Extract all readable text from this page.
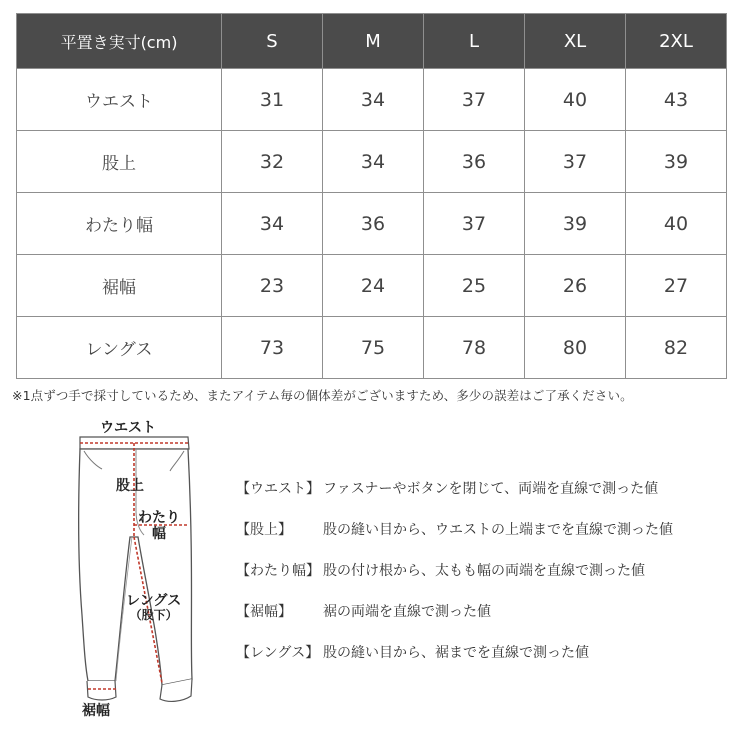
平置き実寸(cm)	S	M	L	XL	2XL
ウエスト	31	34	37	40	43
股上	32	34	36	37	39
わたり幅	34	36	37	39	40
裾幅	23	24	25	26	27
レングス	73	75	78	80	82
※1点ずつ手で採寸しているため、またアイテム毎の個体差がございますため、多少の誤差はご了承ください。
ウエスト
股上
わたり
幅
レングス
（股下）
裾幅
【ウエスト】 ファスナーやボタンを閉じて、両端を直線で測った値
【股上】	股の縫い目から、ウエストの上端までを直線で測った値
【わたり幅】 股の付け根から、太もも幅の両端を直線で測った値
【裾幅】	裾の両端を直線で測った値
【レングス】 股の縫い目から、裾までを直線で測った値
